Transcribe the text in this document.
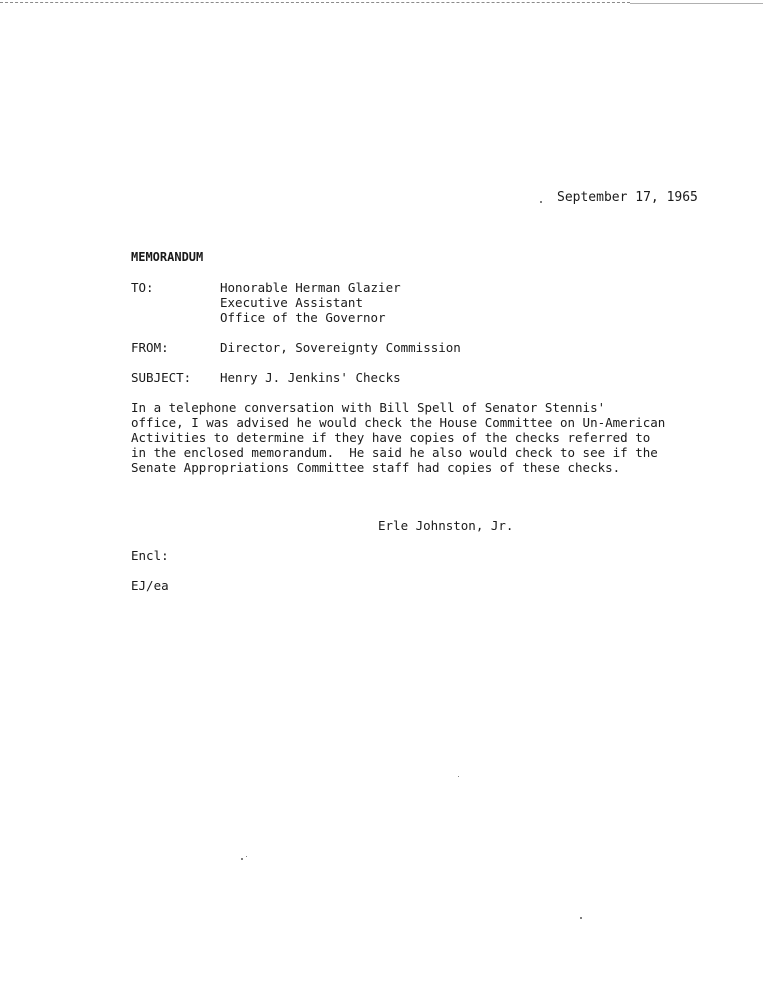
September 17, 1965
MEMORANDUM
TO:	Honorable Herman Glazier
Executive Assistant
Office of the Governor
FROM:	Director, Sovereignty Commission
SUBJECT: Henry J. Jenkins' Checks
In a telephone conversation with Bill Spell of Senator Stennis'
office, I was advised he would check the House Committee on Un-American
Activities to determine if they have copies of the checks referred to
in the enclosed memorandum.  He said he also would check to see if the
Senate Appropriations Committee staff had copies of these checks.
Erle Johnston, Jr.
Encl:
EJ/ea
